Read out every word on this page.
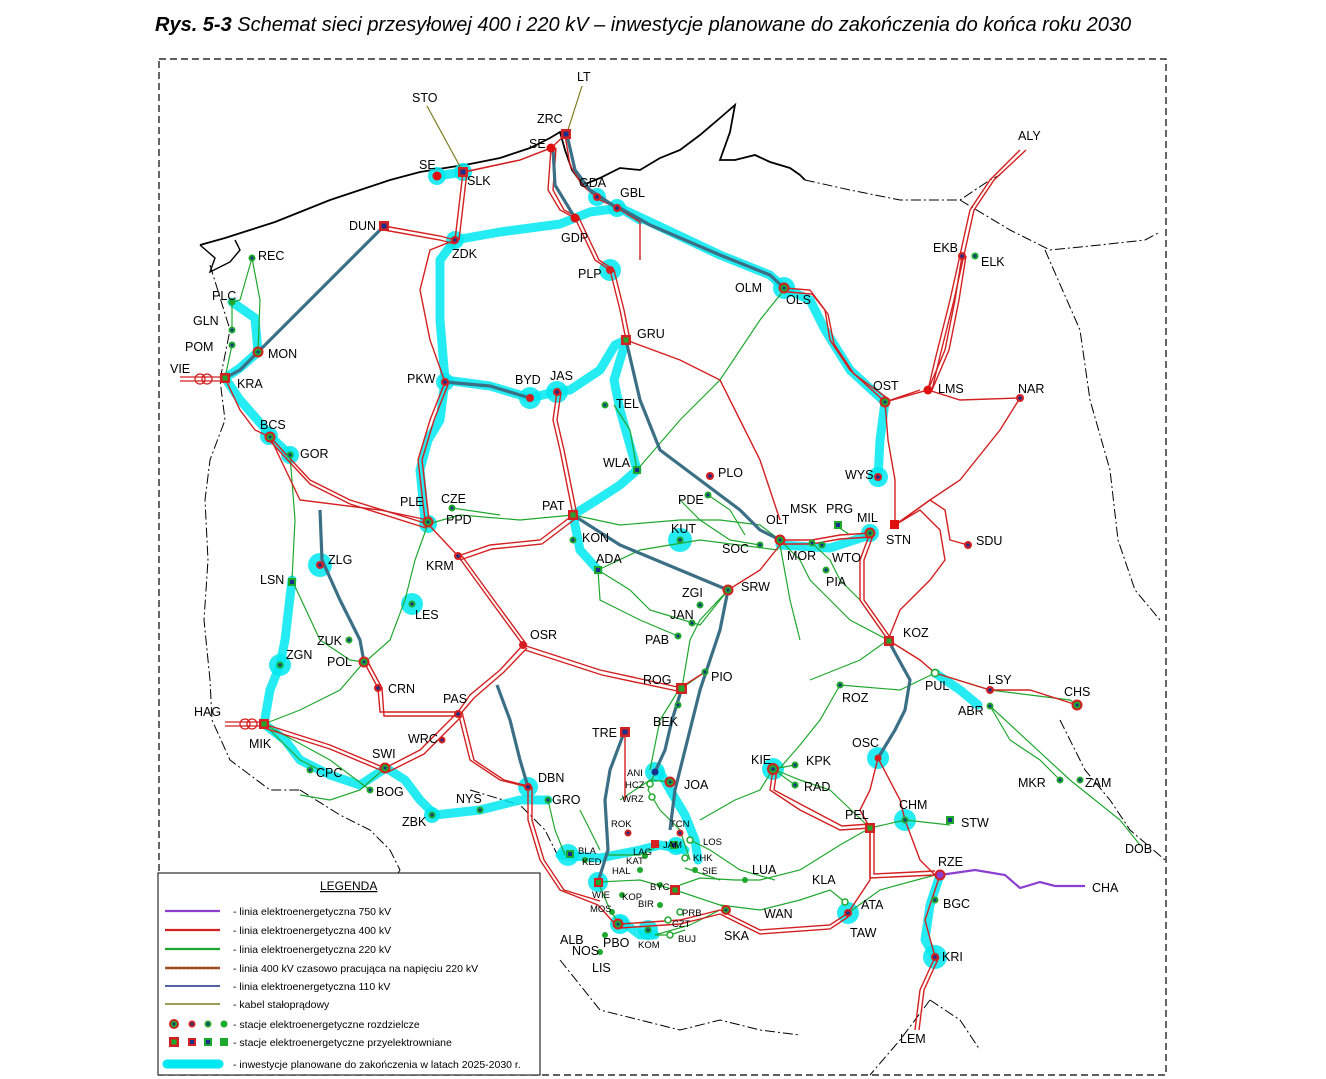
Rys. 5-3 Schemat sieci przesyłowej 400 i 220 kV – inwestycje planowane do zakończenia do końca roku 2030
STO
LT
ZRC
SE
SE
SLK	GDA
GBL
GDP
DUN
ZDK
PLP
ALY
EKB
ELK
OLM
OLS
REC
PLC
GLN
POM	MON
VIE
KRA
GRU
PKW	BYD JAS
TEL
OST	LMS	NAR
BCS
GOR
WLA
PLO	WYS
PLE CZE
PPD
PAT	PDE
MSK PRG
MIL
STN
KUT
KON
OLT
SOC	MOR WTO
SDU
ZLG	KRM	ADA
PIA
LSN	SRW
ZGI
LES	JAN
OSR	KOZ
ZUK	PAB
ZGN POL
PIO
ROG
CRN	PUL	LSY
CHS
ROZ
HAG
PAS
ABR
MIK
BEK
TRE
WRC	OSC
SWI	KIE	KPK
CPC	ANI
HCZ	JOA	RAD	MKR	ZAM
DBN
WRZ
BOG	NYS	GRO
ZBK	PEL
CHM
STW
ROK	TCN
LOS	DOB
BLA	LAG
JAM
KED	KAT	KHK	RZE
HAL	LUA
SIE
CHA
KLA
WIE
BYC
KOP	BGC
BIR	ATA
MOS	PRB	WAN
CZT
SKA	TAW
ALB	BUJ
NOS
PBO KOM
LIS
KRI
LEM
LEGENDA
- linia elektroenergetyczna 750 kV
- linia elektroenergetyczna 400 kV
- linia elektroenergetyczna 220 kV
- linia 400 kV czasowo pracująca na napięciu 220 kV
- linia elektroenergetyczna 110 kV
- kabel stałoprądowy
- stacje elektroenergetyczne rozdzielcze
- stacje elektroenergetyczne przyelektrowniane
- inwestycje planowane do zakończenia w latach 2025-2030 r.
